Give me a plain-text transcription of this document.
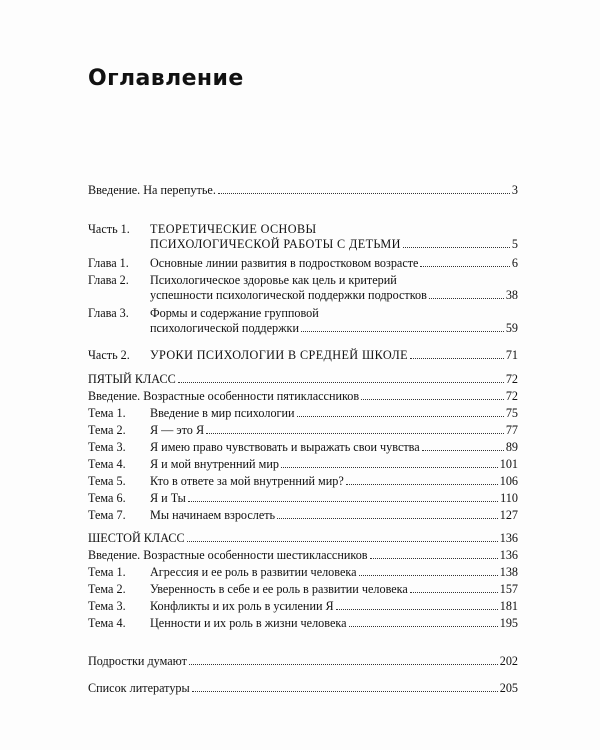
Оглавление
Введение. На перепутье.	3
Часть 1. ТЕОРЕТИЧЕСКИЕ ОСНОВЫ
ПСИХОЛОГИЧЕСКОЙ РАБОТЫ С ДЕТЬМИ	5
Глава 1. Основные линии развития в подростковом возрасте	6
Глава 2. Психологическое здоровье как цель и критерий
успешности психологической поддержки подростков	38
Глава 3. Формы и содержание групповой
психологической поддержки	59
Часть 2. УРОКИ ПСИХОЛОГИИ В СРЕДНЕЙ ШКОЛЕ	71
ПЯТЫЙ КЛАСС	72
Введение. Возрастные особенности пятиклассников	72
Тема 1. Введение в мир психологии	75
Тема 2. Я — это Я	77
Тема 3. Я имею право чувствовать и выражать свои чувства	89
Тема 4. Я и мой внутренний мир	101
Тема 5. Кто в ответе за мой внутренний мир?	106
Тема 6. Я и Ты	110
Тема 7. Мы начинаем взрослеть	127
ШЕСТОЙ КЛАСС	136
Введение. Возрастные особенности шестиклассников	136
Тема 1. Агрессия и ее роль в развитии человека	138
Тема 2. Уверенность в себе и ее роль в развитии человека	157
Тема 3. Конфликты и их роль в усилении Я	181
Тема 4. Ценности и их роль в жизни человека	195
Подростки думают	202
Список литературы	205
